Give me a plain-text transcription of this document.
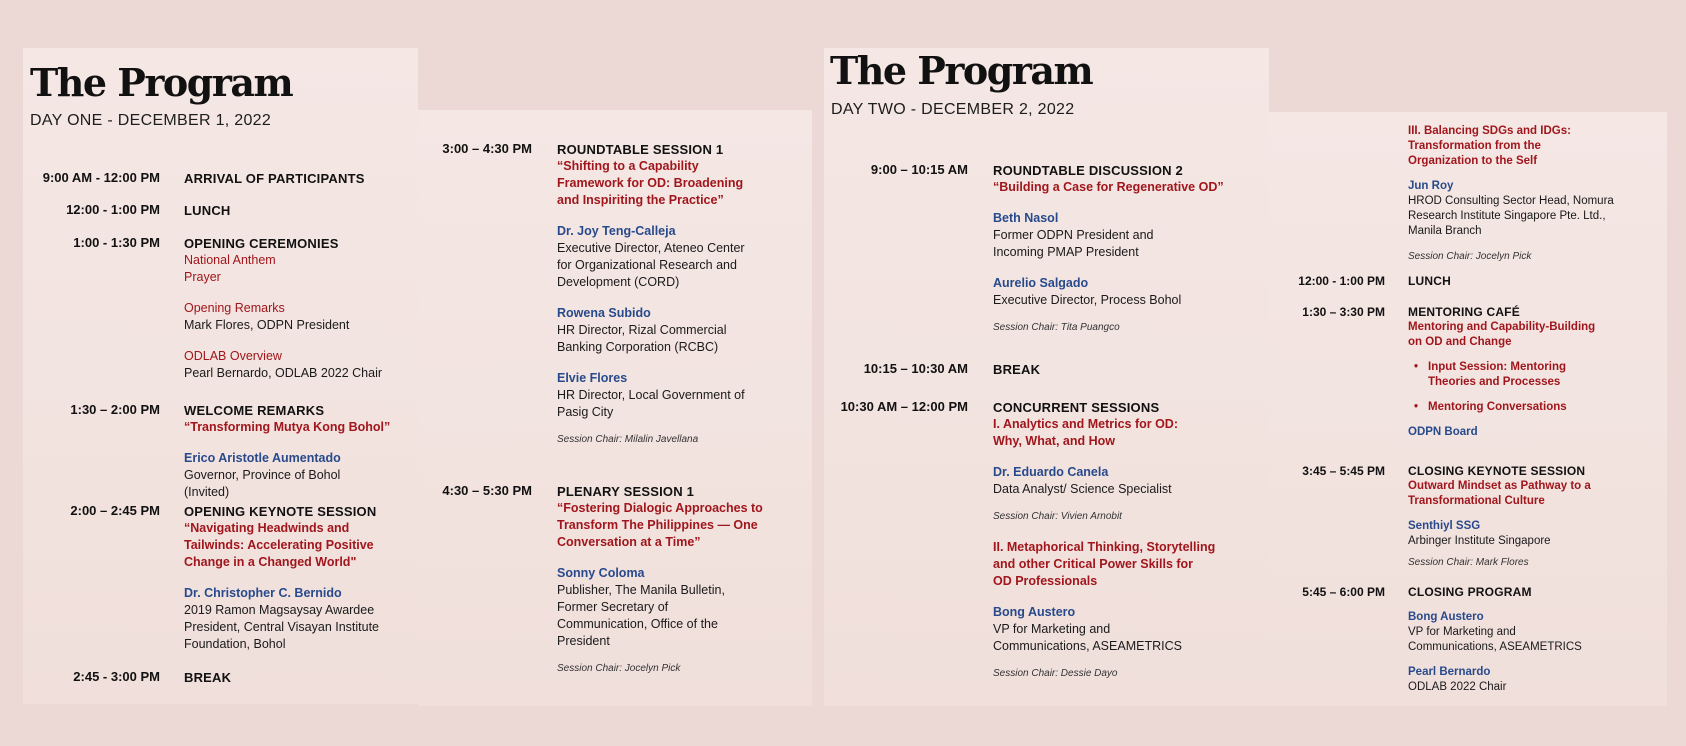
The Program

DAY ONE - DECEMBER 1, 2022

9:00 AM - 12:00 PM ARRIVAL OF PARTICIPANTS
12:00 - 1:00 PM LUNCH
1:00 - 1:30 PM OPENING CEREMONIES
National Anthem
Prayer
Opening Remarks
Mark Flores, ODPN President
ODLAB Overview
Pearl Bernardo, ODLAB 2022 Chair
1:30 – 2:00 PM WELCOME REMARKS
“Transforming Mutya Kong Bohol”
Erico Aristotle Aumentado
Governor, Province of Bohol
(Invited)
2:00 – 2:45 PM OPENING KEYNOTE SESSION
“Navigating Headwinds and
Tailwinds: Accelerating Positive
Change in a Changed World"
Dr. Christopher C. Bernido
2019 Ramon Magsaysay Awardee
President, Central Visayan Institute
Foundation, Bohol
2:45 - 3:00 PM BREAK
3:00 – 4:30 PM ROUNDTABLE SESSION 1
“Shifting to a Capability
Framework for OD: Broadening
and Inspiriting the Practice”
Dr. Joy Teng-Calleja
Executive Director, Ateneo Center
for Organizational Research and
Development (CORD)
Rowena Subido
HR Director, Rizal Commercial
Banking Corporation (RCBC)
Elvie Flores
HR Director, Local Government of
Pasig City
Session Chair: Milalin Javellana
4:30 – 5:30 PM PLENARY SESSION 1
“Fostering Dialogic Approaches to
Transform The Philippines — One
Conversation at a Time”
Sonny Coloma
Publisher, The Manila Bulletin,
Former Secretary of
Communication, Office of the
President
Session Chair: Jocelyn Pick
The Program

DAY TWO - DECEMBER 2, 2022

9:00 – 10:15 AM ROUNDTABLE DISCUSSION 2
“Building a Case for Regenerative OD”
Beth Nasol
Former ODPN President and
Incoming PMAP President
Aurelio Salgado
Executive Director, Process Bohol
Session Chair: Tita Puangco
10:15 – 10:30 AM BREAK
10:30 AM – 12:00 PM CONCURRENT SESSIONS
I. Analytics and Metrics for OD:
Why, What, and How
Dr. Eduardo Canela
Data Analyst/ Science Specialist
Session Chair: Vivien Arnobit
II. Metaphorical Thinking, Storytelling
and other Critical Power Skills for
OD Professionals
Bong Austero
VP for Marketing and
Communications, ASEAMETRICS
Session Chair: Dessie Dayo
III. Balancing SDGs and IDGs:
Transformation from the
Organization to the Self
Jun Roy
HROD Consulting Sector Head, Nomura
Research Institute Singapore Pte. Ltd.,
Manila Branch
Session Chair: Jocelyn Pick
12:00 - 1:00 PM LUNCH
1:30 – 3:30 PM MENTORING CAFÉ
Mentoring and Capability-Building
on OD and Change
• Input Session: Mentoring
Theories and Processes
• Mentoring Conversations
ODPN Board
3:45 – 5:45 PM CLOSING KEYNOTE SESSION
Outward Mindset as Pathway to a
Transformational Culture
Senthiyl SSG
Arbinger Institute Singapore
Session Chair: Mark Flores
5:45 – 6:00 PM CLOSING PROGRAM
Bong Austero
VP for Marketing and
Communications, ASEAMETRICS
Pearl Bernardo
ODLAB 2022 Chair
